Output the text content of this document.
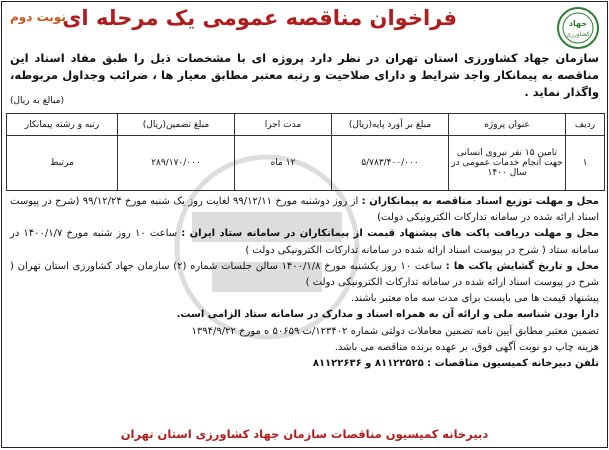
جهاد
کشاورزی
فراخوان مناقصه عمومی یک مرحله ای
نوبت دوم
سازمان جهاد کشاورزی استان تهران در نظر دارد پروژه ای با مشخصات ذیل را طبق مفاد اسناد این مناقصه به پیمانکار واجد شرایط و دارای صلاحیت و رتبه معتبر مطابق معیار ها ، ضرائب وجداول مربوطه، واگذار نماید .
(مبالغ به ریال)
ردیف	عنوان پروژه	مبلغ بر آورد پایه(ریال)	مدت اجرا	مبلغ تضمین(ریال)	رتبه و رشته پیمانکار
۱	تامین ۱۵ نفر نیروی انسانی جهت انجام خدمات عمومی در سال ۱۴۰۰	۵/۷۸۳/۴۰۰/۰۰۰	۱۲ ماه	۲۸۹/۱۷۰/۰۰۰	مرتبط

محل و مهلت توزیع اسناد مناقصه به پیمانکاران : از روز دوشنبه مورخ ۹۹/۱۲/۱۱ لغایت روز یک شنبه مورخ ۹۹/۱۲/۲۴ (شرح در پیوست اسناد ارائه شده در سامانه تدارکات الکترونیکی دولت)

محل و مهلت دریافت پاکت های پیشنهاد قیمت از پیمانکاران در سامانه ستاد ایران : ساعت ۱۰ روز شنبه مورخ ۱۴۰۰/۱/۷ در سامانه ستاد ( شرح در پیوست اسناد ارائه شده در سامانه تدارکات الکترونیکی دولت )

محل و تاریخ گشایش پاکت ها : ساعت ۱۰ روز یکشنبه مورخ ۱۴۰۰/۱/۸ سالن جلسات شماره (۲) سازمان جهاد کشاورزی استان تهران ( شرح در پیوست اسناد ارائه شده در سامانه تدارکات الکترونیکی دولت )

پیشنهاد قیمت ها می بایست برای مدت سه ماه معتبر باشند.

دارا بودن شناسه ملی و ارائه آن به همراه اسناد و مدارک در سامانه ستاد الزامی است.

تضمین معتبر مطابق آیین نامه تضمین معاملات دولتی شماره ۱۲۳۴۰۲/ت ۵۰۶۵۹ ه مورخ ۱۳۹۴/۹/۲۲

هزینه چاپ دو نوبت آگهی فوق، بر عهده برنده مناقصه می باشد.

تلفن دبیرخانه کمیسیون مناقصات : ۸۱۱۲۲۵۲۵ و ۸۱۱۲۲۶۳۶

دبیرخانه کمیسیون مناقصات سازمان جهاد کشاورزی استان تهران
